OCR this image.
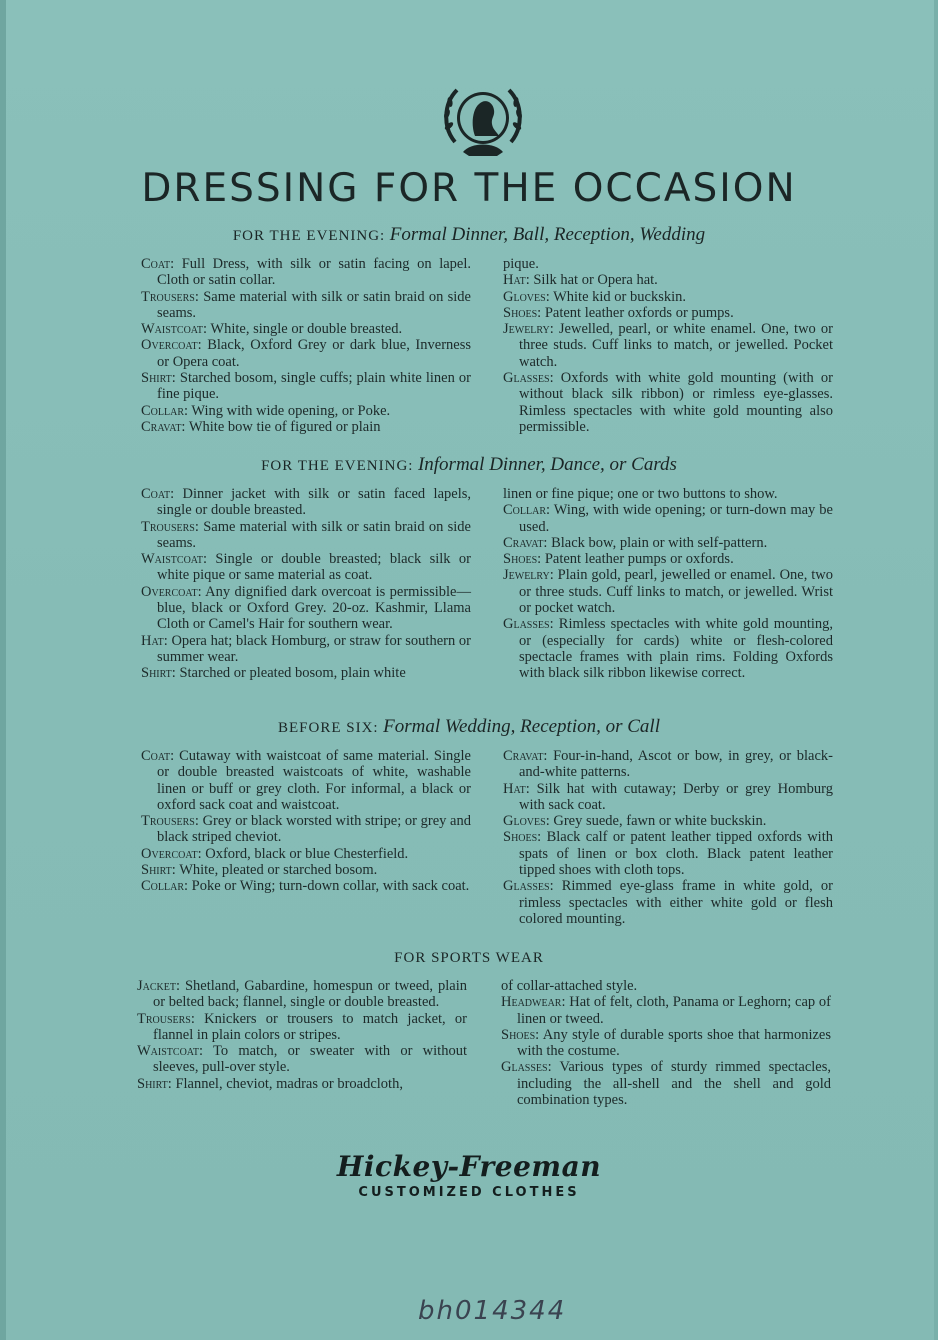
DRESSING FOR THE OCCASION
FOR THE EVENING: Formal Dinner, Ball, Reception, Wedding

Coat: Full Dress, with silk or satin facing on lapel. Cloth or satin collar.

Trousers: Same material with silk or satin braid on side seams.

Waistcoat: White, single or double breasted.

Overcoat: Black, Oxford Grey or dark blue, Inverness or Opera coat.

Shirt: Starched bosom, single cuffs; plain white linen or fine pique.

Collar: Wing with wide opening, or Poke.

Cravat: White bow tie of figured or plain

pique.

Hat: Silk hat or Opera hat.

Gloves: White kid or buckskin.

Shoes: Patent leather oxfords or pumps.

Jewelry: Jewelled, pearl, or white enamel. One, two or three studs. Cuff links to match, or jewelled. Pocket watch.

Glasses: Oxfords with white gold mounting (with or without black silk ribbon) or rimless eye-glasses. Rimless spectacles with white gold mounting also permissible.

FOR THE EVENING: Informal Dinner, Dance, or Cards

Coat: Dinner jacket with silk or satin faced lapels, single or double breasted.

Trousers: Same material with silk or satin braid on side seams.

Waistcoat: Single or double breasted; black silk or white pique or same material as coat.

Overcoat: Any dignified dark overcoat is permissible—blue, black or Oxford Grey. 20-oz. Kashmir, Llama Cloth or Camel's Hair for southern wear.

Hat: Opera hat; black Homburg, or straw for southern or summer wear.

Shirt: Starched or pleated bosom, plain white

linen or fine pique; one or two buttons to show.

Collar: Wing, with wide opening; or turn-down may be used.

Cravat: Black bow, plain or with self-pattern.

Shoes: Patent leather pumps or oxfords.

Jewelry: Plain gold, pearl, jewelled or enamel. One, two or three studs. Cuff links to match, or jewelled. Wrist or pocket watch.

Glasses: Rimless spectacles with white gold mounting, or (especially for cards) white or flesh-colored spectacle frames with plain rims. Folding Oxfords with black silk ribbon likewise correct.

BEFORE SIX: Formal Wedding, Reception, or Call

Coat: Cutaway with waistcoat of same material. Single or double breasted waistcoats of white, washable linen or buff or grey cloth. For informal, a black or oxford sack coat and waistcoat.

Trousers: Grey or black worsted with stripe; or grey and black striped cheviot.

Overcoat: Oxford, black or blue Chesterfield.

Shirt: White, pleated or starched bosom.

Collar: Poke or Wing; turn-down collar, with sack coat.

Cravat: Four-in-hand, Ascot or bow, in grey, or black-and-white patterns.

Hat: Silk hat with cutaway; Derby or grey Homburg with sack coat.

Gloves: Grey suede, fawn or white buckskin.

Shoes: Black calf or patent leather tipped oxfords with spats of linen or box cloth. Black patent leather tipped shoes with cloth tops.

Glasses: Rimmed eye-glass frame in white gold, or rimless spectacles with either white gold or flesh colored mounting.

FOR SPORTS WEAR

Jacket: Shetland, Gabardine, homespun or tweed, plain or belted back; flannel, single or double breasted.

Trousers: Knickers or trousers to match jacket, or flannel in plain colors or stripes.

Waistcoat: To match, or sweater with or without sleeves, pull-over style.

Shirt: Flannel, cheviot, madras or broadcloth,

of collar-attached style.

Headwear: Hat of felt, cloth, Panama or Leghorn; cap of linen or tweed.

Shoes: Any style of durable sports shoe that harmonizes with the costume.

Glasses: Various types of sturdy rimmed spectacles, including the all-shell and the shell and gold combination types.

Hickey-Freeman
CUSTOMIZED CLOTHES
bh014344
